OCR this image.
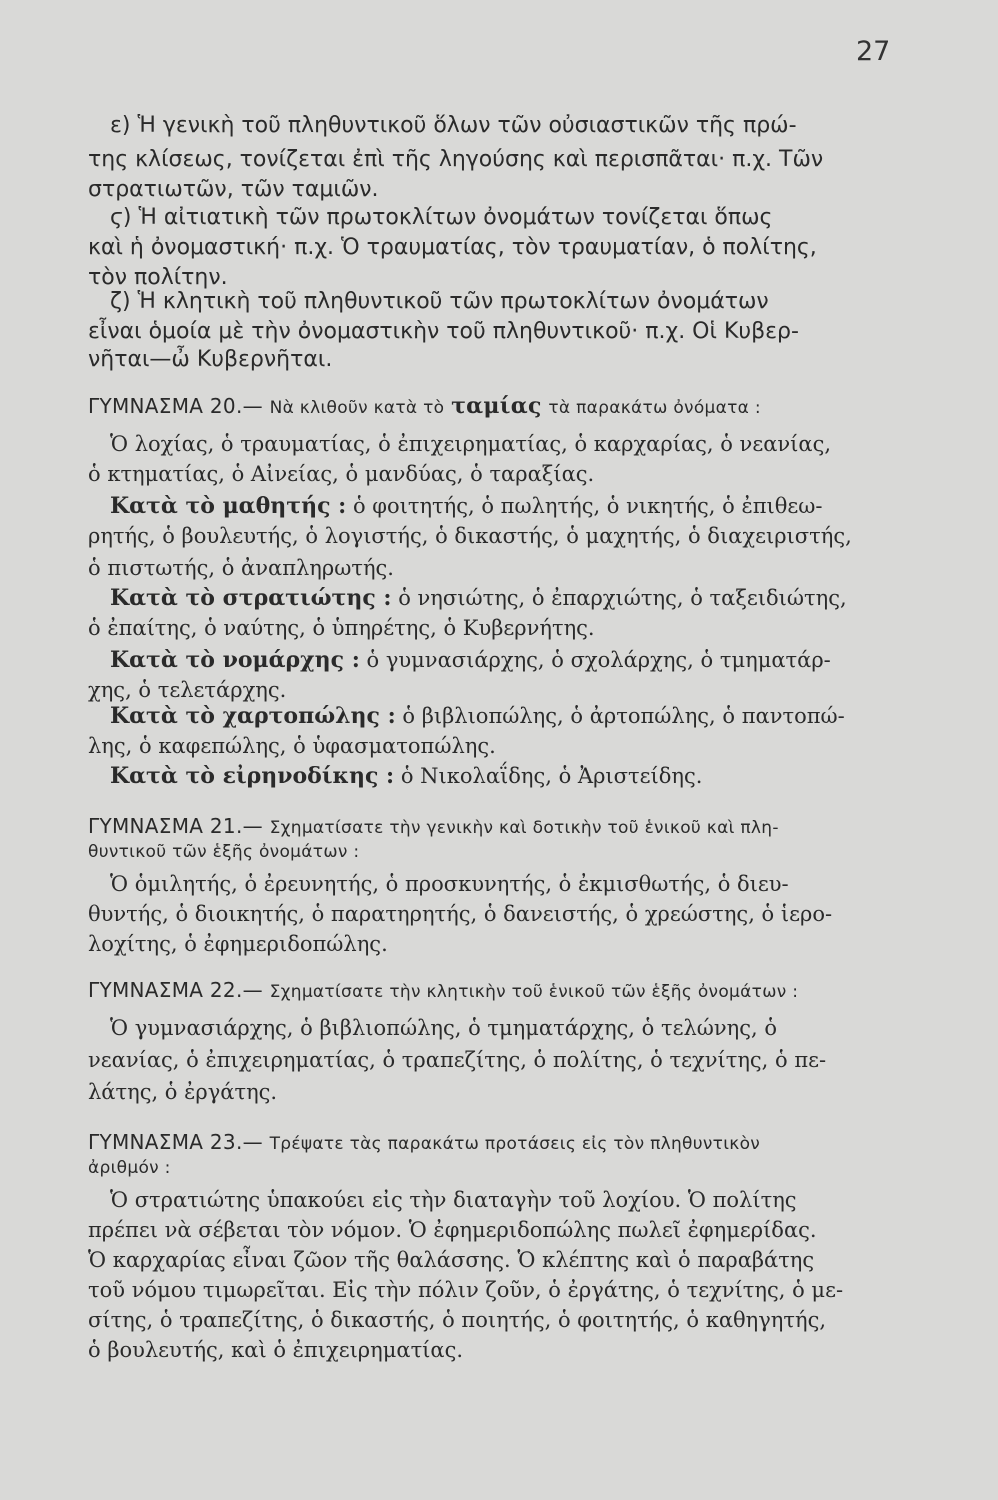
27
ε) Ἡ γενικὴ τοῦ πληθυντικοῦ ὅλων τῶν οὐσιαστικῶν τῆς πρώ-
της κλίσεως, τονίζεται ἐπὶ τῆς ληγούσης καὶ περισπᾶται· π.χ. Τῶν
στρατιωτῶν, τῶν ταμιῶν.
ϛ) Ἡ αἰτιατικὴ τῶν πρωτοκλίτων ὀνομάτων τονίζεται ὅπως
καὶ ἡ ὀνομαστική· π.χ. Ὁ τραυματίας, τὸν τραυματίαν, ὁ πολίτης,
τὸν πολίτην.
ζ) Ἡ κλητικὴ τοῦ πληθυντικοῦ τῶν πρωτοκλίτων ὀνομάτων
εἶναι ὁμοία μὲ τὴν ὀνομαστικὴν τοῦ πληθυντικοῦ· π.χ. Οἱ Κυβερ-
νῆται—ὦ Κυβερνῆται.
ΓΥΜΝΑΣΜΑ 20.— Νὰ κλιθοῦν κατὰ τὸ ταμίας τὰ παρακάτω ὀνόματα :
Ὁ λοχίας, ὁ τραυματίας, ὁ ἐπιχειρηματίας, ὁ καρχαρίας, ὁ νεανίας,
ὁ κτηματίας, ὁ Αἰνείας, ὁ μανδύας, ὁ ταραξίας.
Κατὰ τὸ μαθητής : ὁ φοιτητής, ὁ πωλητής, ὁ νικητής, ὁ ἐπιθεω-
ρητής, ὁ βουλευτής, ὁ λογιστής, ὁ δικαστής, ὁ μαχητής, ὁ διαχειριστής,
ὁ πιστωτής, ὁ ἀναπληρωτής.
Κατὰ τὸ στρατιώτης : ὁ νησιώτης, ὁ ἐπαρχιώτης, ὁ ταξειδιώτης,
ὁ ἐπαίτης, ὁ ναύτης, ὁ ὑπηρέτης, ὁ Κυβερνήτης.
Κατὰ τὸ νομάρχης : ὁ γυμνασιάρχης, ὁ σχολάρχης, ὁ τμηματάρ-
χης, ὁ τελετάρχης.
Κατὰ τὸ χαρτοπώλης : ὁ βιβλιοπώλης, ὁ ἀρτοπώλης, ὁ παντοπώ-
λης, ὁ καφεπώλης, ὁ ὑφασματοπώλης.
Κατὰ τὸ εἰρηνοδίκης : ὁ Νικολαΐδης, ὁ Ἀριστείδης.
ΓΥΜΝΑΣΜΑ 21.— Σχηματίσατε τὴν γενικὴν καὶ δοτικὴν τοῦ ἑνικοῦ καὶ πλη-
θυντικοῦ τῶν ἑξῆς ὀνομάτων :
Ὁ ὁμιλητής, ὁ ἐρευνητής, ὁ προσκυνητής, ὁ ἐκμισθωτής, ὁ διευ-
θυντής, ὁ διοικητής, ὁ παρατηρητής, ὁ δανειστής, ὁ χρεώστης, ὁ ἱερο-
λοχίτης, ὁ ἐφημεριδοπώλης.
ΓΥΜΝΑΣΜΑ 22.— Σχηματίσατε τὴν κλητικὴν τοῦ ἑνικοῦ τῶν ἑξῆς ὀνομάτων :
Ὁ γυμνασιάρχης, ὁ βιβλιοπώλης, ὁ τμηματάρχης, ὁ τελώνης, ὁ
νεανίας, ὁ ἐπιχειρηματίας, ὁ τραπεζίτης, ὁ πολίτης, ὁ τεχνίτης, ὁ πε-
λάτης, ὁ ἐργάτης.
ΓΥΜΝΑΣΜΑ 23.— Τρέψατε τὰς παρακάτω προτάσεις εἰς τὸν πληθυντικὸν
ἀριθμόν :
Ὁ στρατιώτης ὑπακούει εἰς τὴν διαταγὴν τοῦ λοχίου. Ὁ πολίτης
πρέπει νὰ σέβεται τὸν νόμον. Ὁ ἐφημεριδοπώλης πωλεῖ ἐφημερίδας.
Ὁ καρχαρίας εἶναι ζῶον τῆς θαλάσσης. Ὁ κλέπτης καὶ ὁ παραβάτης
τοῦ νόμου τιμωρεῖται. Εἰς τὴν πόλιν ζοῦν, ὁ ἐργάτης, ὁ τεχνίτης, ὁ με-
σίτης, ὁ τραπεζίτης, ὁ δικαστής, ὁ ποιητής, ὁ φοιτητής, ὁ καθηγητής,
ὁ βουλευτής, καὶ ὁ ἐπιχειρηματίας.
